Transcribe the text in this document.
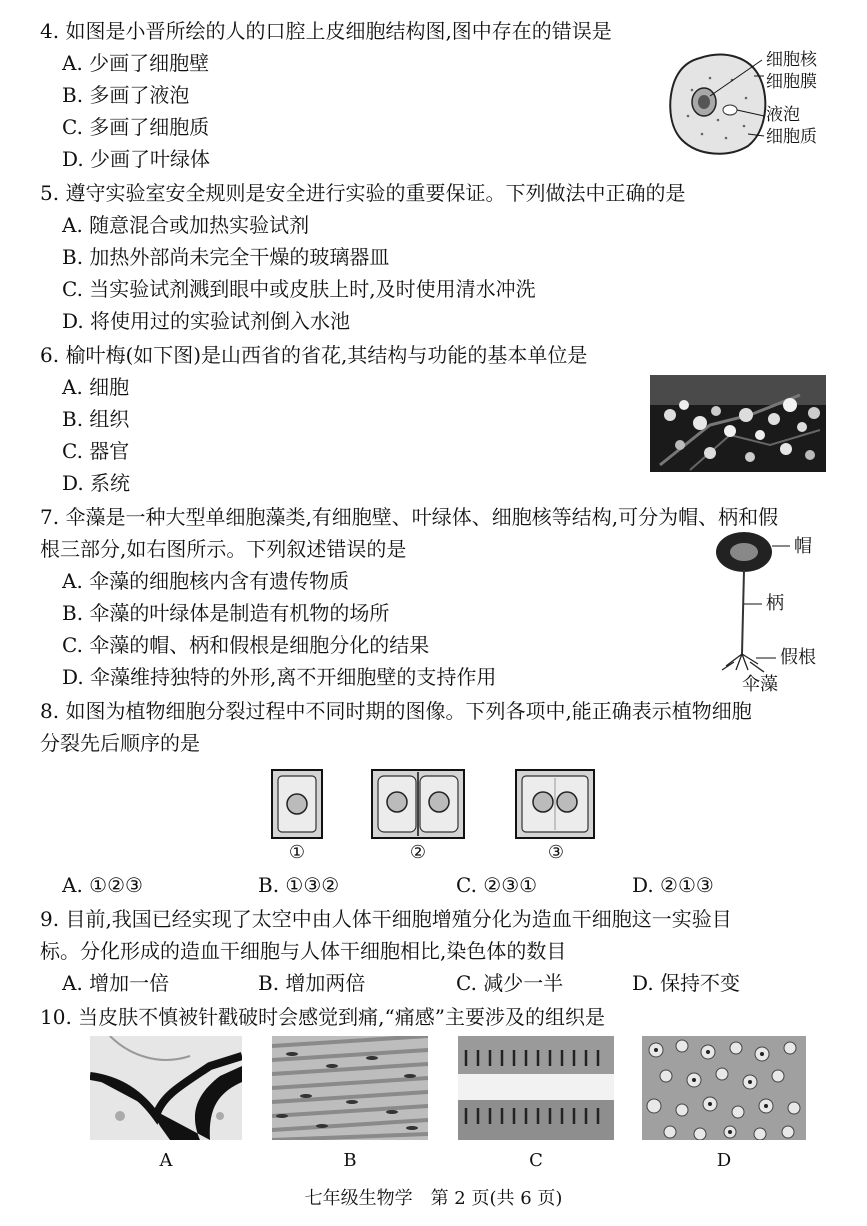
4. 如图是小晋所绘的人的口腔上皮细胞结构图,图中存在的错误是
A. 少画了细胞壁
B. 多画了液泡
C. 多画了细胞质
D. 少画了叶绿体
细胞核
细胞膜
液泡
细胞质
5. 遵守实验室安全规则是安全进行实验的重要保证。下列做法中正确的是
A. 随意混合或加热实验试剂
B. 加热外部尚未完全干燥的玻璃器皿
C. 当实验试剂溅到眼中或皮肤上时,及时使用清水冲洗
D. 将使用过的实验试剂倒入水池
6. 榆叶梅(如下图)是山西省的省花,其结构与功能的基本单位是
A. 细胞
B. 组织
C. 器官
D. 系统
7. 伞藻是一种大型单细胞藻类,有细胞壁、叶绿体、细胞核等结构,可分为帽、柄和假
根三部分,如右图所示。下列叙述错误的是
A. 伞藻的细胞核内含有遗传物质
B. 伞藻的叶绿体是制造有机物的场所
C. 伞藻的帽、柄和假根是细胞分化的结果
D. 伞藻维持独特的外形,离不开细胞壁的支持作用
帽
柄
假根
伞藻
8. 如图为植物细胞分裂过程中不同时期的图像。下列各项中,能正确表示植物细胞
分裂先后顺序的是
①	②	③
A. ①②③	B. ①③②	C. ②③①	D. ②①③
9. 目前,我国已经实现了太空中由人体干细胞增殖分化为造血干细胞这一实验目
标。分化形成的造血干细胞与人体干细胞相比,染色体的数目
A. 增加一倍	B. 增加两倍	C. 减少一半	D. 保持不变
10. 当皮肤不慎被针戳破时会感觉到痛,“痛感”主要涉及的组织是
A	B	C	D
七年级生物学　第 2 页(共 6 页)
